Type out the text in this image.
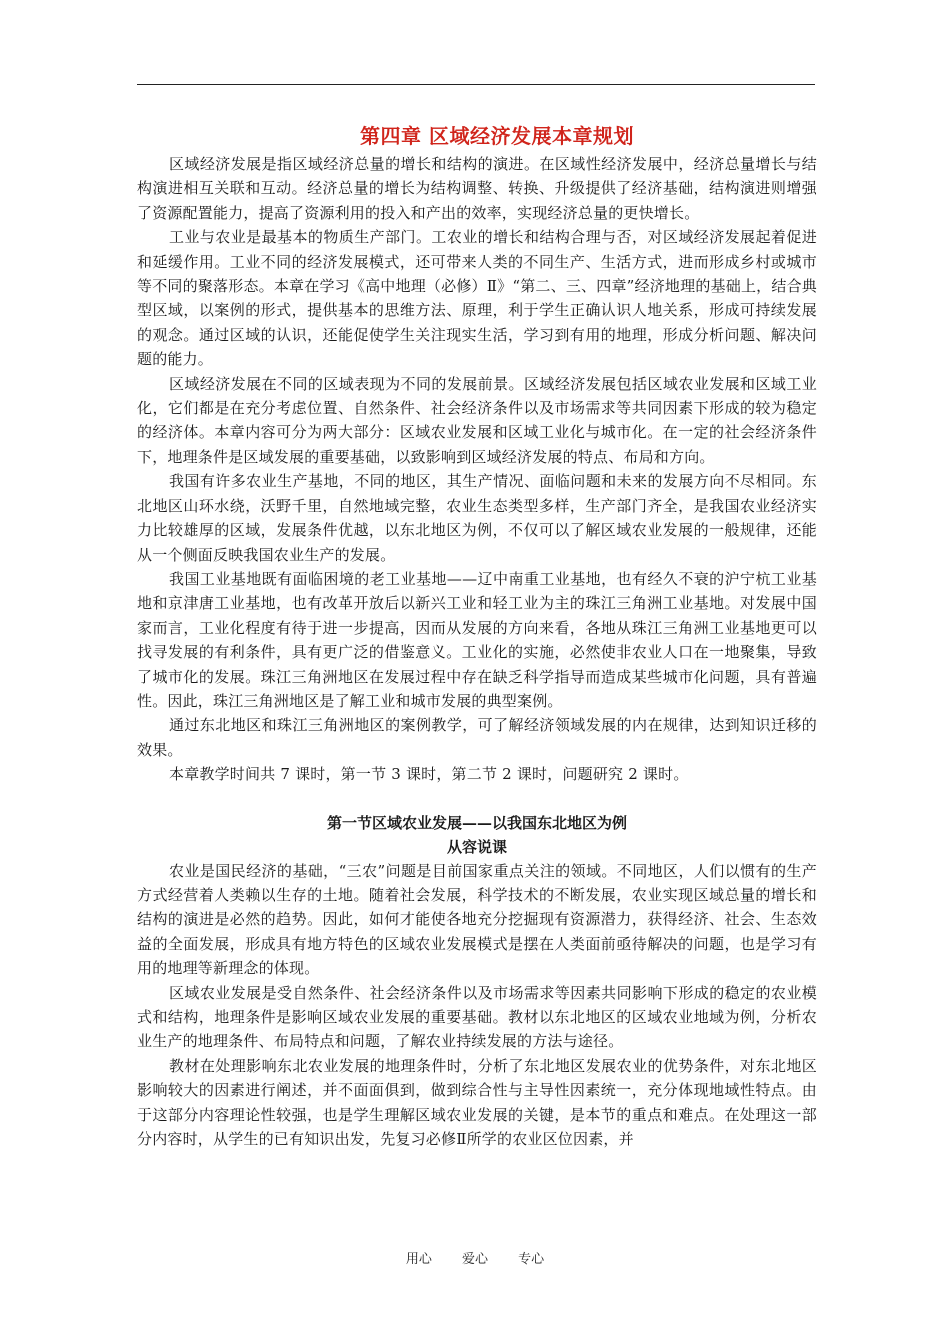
第四章 区域经济发展本章规划

区域经济发展是指区域经济总量的增长和结构的演进。在区域性经济发展中，经济总量增长与结构演进相互关联和互动。经济总量的增长为结构调整、转换、升级提供了经济基础，结构演进则增强了资源配置能力，提高了资源利用的投入和产出的效率，实现经济总量的更快增长。

工业与农业是最基本的物质生产部门。工农业的增长和结构合理与否，对区域经济发展起着促进和延缓作用。工业不同的经济发展模式，还可带来人类的不同生产、生活方式，进而形成乡村或城市等不同的聚落形态。本章在学习《高中地理（必修）Ⅱ》“第二、三、四章”经济地理的基础上，结合典型区域，以案例的形式，提供基本的思维方法、原理，利于学生正确认识人地关系，形成可持续发展的观念。通过区域的认识，还能促使学生关注现实生活，学习到有用的地理，形成分析问题、解决问题的能力。

区域经济发展在不同的区域表现为不同的发展前景。区域经济发展包括区域农业发展和区域工业化，它们都是在充分考虑位置、自然条件、社会经济条件以及市场需求等共同因素下形成的较为稳定的经济体。本章内容可分为两大部分：区域农业发展和区域工业化与城市化。在一定的社会经济条件下，地理条件是区域发展的重要基础，以致影响到区域经济发展的特点、布局和方向。

我国有许多农业生产基地，不同的地区，其生产情况、面临问题和未来的发展方向不尽相同。东北地区山环水绕，沃野千里，自然地域完整，农业生态类型多样，生产部门齐全，是我国农业经济实力比较雄厚的区域，发展条件优越，以东北地区为例，不仅可以了解区域农业发展的一般规律，还能从一个侧面反映我国农业生产的发展。

我国工业基地既有面临困境的老工业基地——辽中南重工业基地，也有经久不衰的沪宁杭工业基地和京津唐工业基地，也有改革开放后以新兴工业和轻工业为主的珠江三角洲工业基地。对发展中国家而言，工业化程度有待于进一步提高，因而从发展的方向来看，各地从珠江三角洲工业基地更可以找寻发展的有利条件，具有更广泛的借鉴意义。工业化的实施，必然使非农业人口在一地聚集，导致了城市化的发展。珠江三角洲地区在发展过程中存在缺乏科学指导而造成某些城市化问题，具有普遍性。因此，珠江三角洲地区是了解工业和城市发展的典型案例。

通过东北地区和珠江三角洲地区的案例教学，可了解经济领域发展的内在规律，达到知识迁移的效果。

本章教学时间共 7 课时，第一节 3 课时，第二节 2 课时，问题研究 2 课时。

第一节区域农业发展——以我国东北地区为例
从容说课

农业是国民经济的基础，“三农”问题是目前国家重点关注的领域。不同地区，人们以惯有的生产方式经营着人类赖以生存的土地。随着社会发展，科学技术的不断发展，农业实现区域总量的增长和结构的演进是必然的趋势。因此，如何才能使各地充分挖掘现有资源潜力，获得经济、社会、生态效益的全面发展，形成具有地方特色的区域农业发展模式是摆在人类面前亟待解决的问题，也是学习有用的地理等新理念的体现。

区域农业发展是受自然条件、社会经济条件以及市场需求等因素共同影响下形成的稳定的农业模式和结构，地理条件是影响区域农业发展的重要基础。教材以东北地区的区域农业地域为例，分析农业生产的地理条件、布局特点和问题，了解农业持续发展的方法与途径。

教材在处理影响东北农业发展的地理条件时，分析了东北地区发展农业的优势条件，对东北地区影响较大的因素进行阐述，并不面面俱到，做到综合性与主导性因素统一，充分体现地域性特点。由于这部分内容理论性较强，也是学生理解区域农业发展的关键，是本节的重点和难点。在处理这一部分内容时，从学生的已有知识出发，先复习必修Ⅱ所学的农业区位因素，并

用心 爱心 专心
